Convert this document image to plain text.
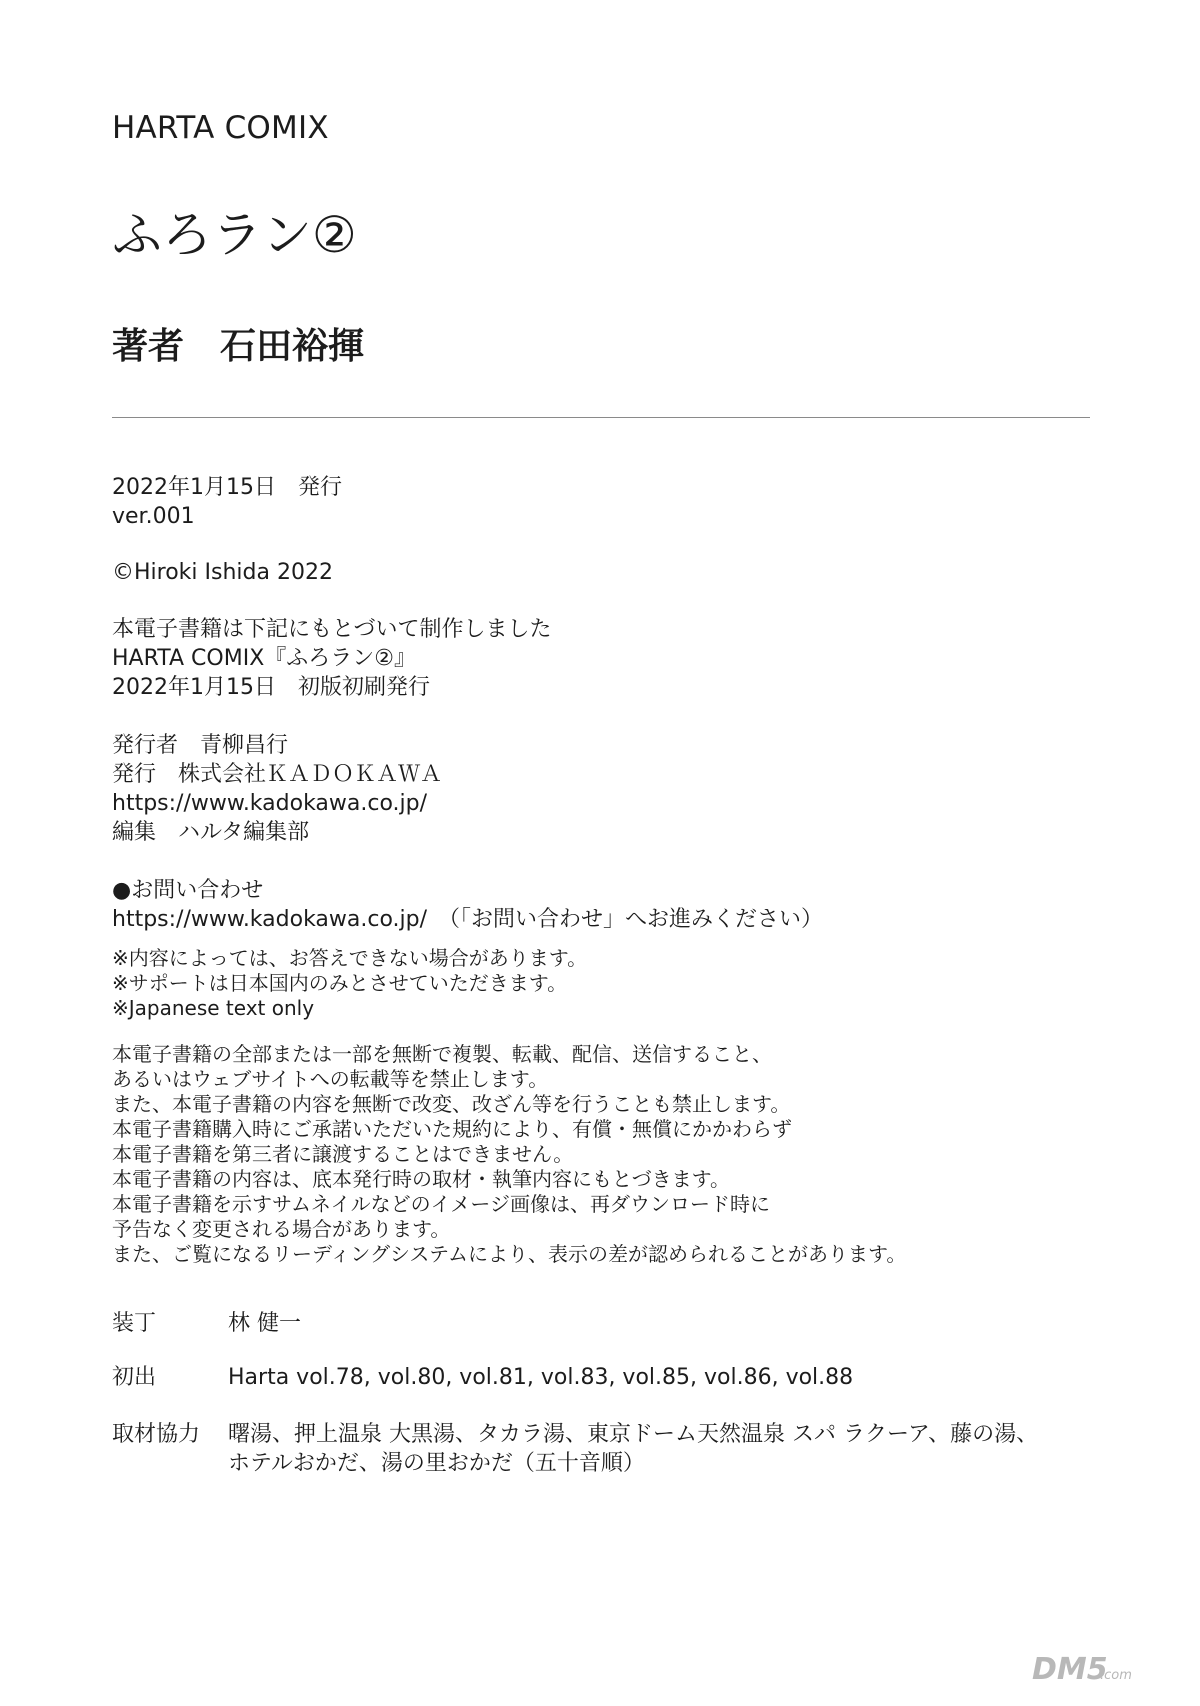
HARTA COMIX
ふろラン②
著者　石田裕揮
2022年1月15日　発行
ver.001
©Hiroki Ishida 2022
本電子書籍は下記にもとづいて制作しました
HARTA COMIX『ふろラン②』
2022年1月15日　初版初刷発行
発行者　青柳昌行
発行　株式会社ＫＡＤＯＫＡＷＡ
https://www.kadokawa.co.jp/
編集　ハルタ編集部
●お問い合わせ
https://www.kadokawa.co.jp/　（「お問い合わせ」へお進みください）
※内容によっては、お答えできない場合があります。
※サポートは日本国内のみとさせていただきます。
※Japanese text only
本電子書籍の全部または一部を無断で複製、転載、配信、送信すること、
あるいはウェブサイトへの転載等を禁止します。
また、本電子書籍の内容を無断で改変、改ざん等を行うことも禁止します。
本電子書籍購入時にご承諾いただいた規約により、有償・無償にかかわらず
本電子書籍を第三者に譲渡することはできません。
本電子書籍の内容は、底本発行時の取材・執筆内容にもとづきます。
本電子書籍を示すサムネイルなどのイメージ画像は、再ダウンロード時に
予告なく変更される場合があります。
また、ご覧になるリーディングシステムにより、表示の差が認められることがあります。
装丁	林 健一
初出	Harta vol.78, vol.80, vol.81, vol.83, vol.85, vol.86, vol.88
取材協力 曙湯、押上温泉 大黒湯、タカラ湯、東京ドーム天然温泉 スパ ラクーア、藤の湯、
ホテルおかだ、湯の里おかだ（五十音順）
DM5
.com
